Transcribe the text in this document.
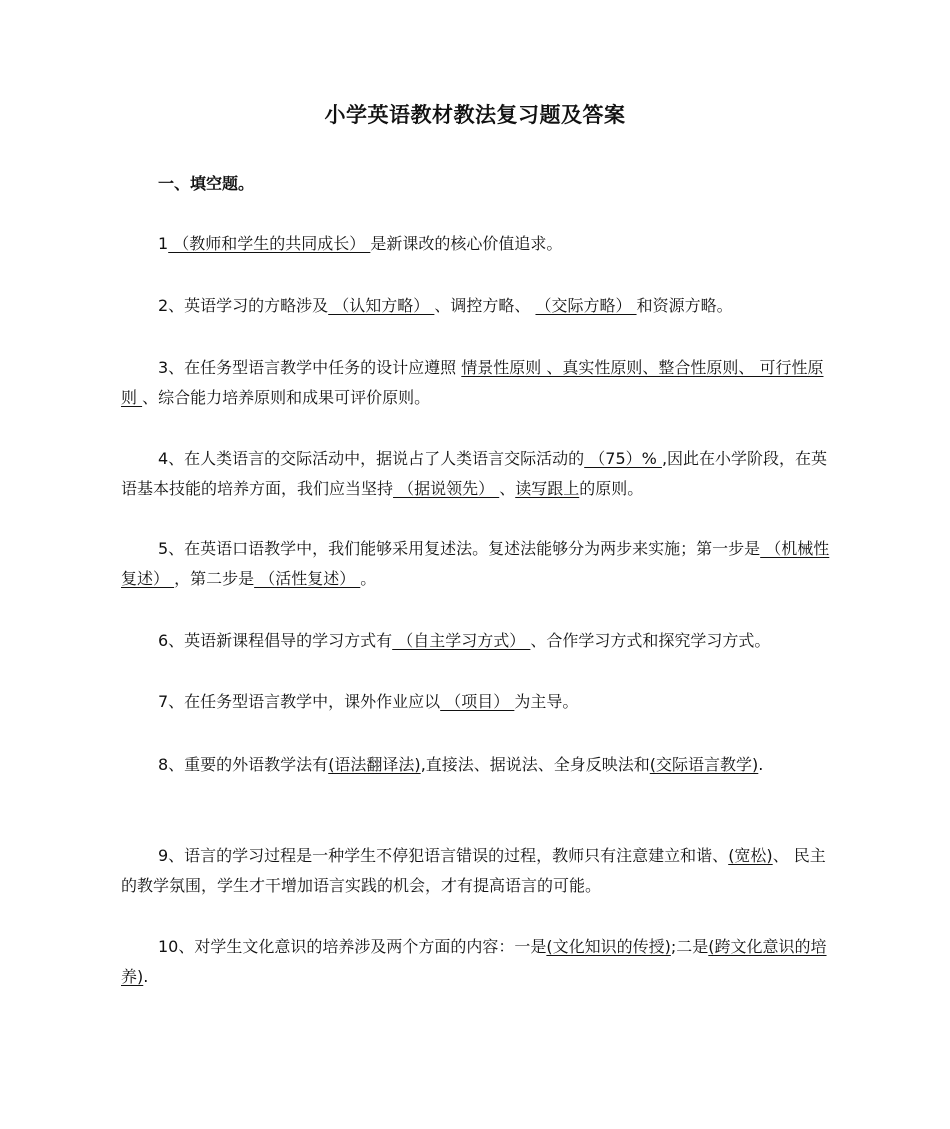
小学英语教材教法复习题及答案
一、填空题。
1 （教师和学生的共同成长） 是新课改的核心价值追求。
2、英语学习的方略涉及 （认知方略） 、调控方略、 （交际方略） 和资源方略。
3、在任务型语言教学中任务的设计应遵照 情景性原则 、真实性原则、整合性原则、 可行性原则 、综合能力培养原则和成果可评价原则。
4、在人类语言的交际活动中，据说占了人类语言交际活动的 （75）% ,因此在小学阶段，在英语基本技能的培养方面，我们应当坚持 （据说领先） 、读写跟上的原则。
5、在英语口语教学中，我们能够采用复述法。复述法能够分为两步来实施；第一步是 （机械性复述） ，第二步是 （活性复述） 。
6、英语新课程倡导的学习方式有 （自主学习方式） 、合作学习方式和探究学习方式。
7、在任务型语言教学中，课外作业应以 （项目） 为主导。
8、重要的外语教学法有(语法翻译法),直接法、据说法、全身反映法和(交际语言教学).
9、语言的学习过程是一种学生不停犯语言错误的过程，教师只有注意建立和谐、(宽松)、 民主的教学氛围，学生才干增加语言实践的机会，才有提高语言的可能。
10、对学生文化意识的培养涉及两个方面的内容：一是(文化知识的传授);二是(跨文化意识的培养).
